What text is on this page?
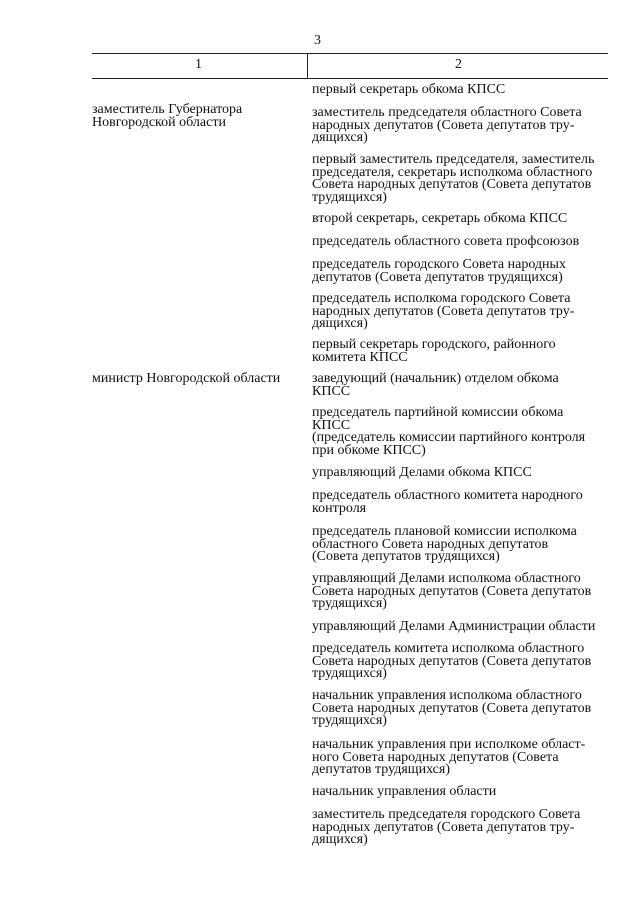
3
1	2
заместитель Губернатора
Новгородской области
министр Новгородской области
первый секретарь обкома КПСС
заместитель председателя областного Совета
народных депутатов (Совета депутатов тру-
дящихся)
первый заместитель председателя, заместитель
председателя, секретарь исполкома областного
Совета народных депутатов (Совета депутатов
трудящихся)
второй секретарь, секретарь обкома КПСС
председатель областного совета профсоюзов
председатель городского Совета народных
депутатов (Совета депутатов трудящихся)
председатель исполкома городского Совета
народных депутатов (Совета депутатов тру-
дящихся)
первый секретарь городского, районного
комитета КПСС
заведующий (начальник) отделом обкома
КПСС
председатель партийной комиссии обкома
КПСС
(председатель комиссии партийного контроля
при обкоме КПСС)
управляющий Делами обкома КПСС
председатель областного комитета народного
контроля
председатель плановой комиссии исполкома
областного Совета народных депутатов
(Совета депутатов трудящихся)
управляющий Делами исполкома областного
Совета народных депутатов (Совета депутатов
трудящихся)
управляющий Делами Администрации области
председатель комитета исполкома областного
Совета народных депутатов (Совета депутатов
трудящихся)
начальник управления исполкома областного
Совета народных депутатов (Совета депутатов
трудящихся)
начальник управления при исполкоме облаcт-
ного Совета народных депутатов (Совета
депутатов трудящихся)
начальник управления области
заместитель председателя городского Совета
народных депутатов (Совета депутатов тру-
дящихся)
